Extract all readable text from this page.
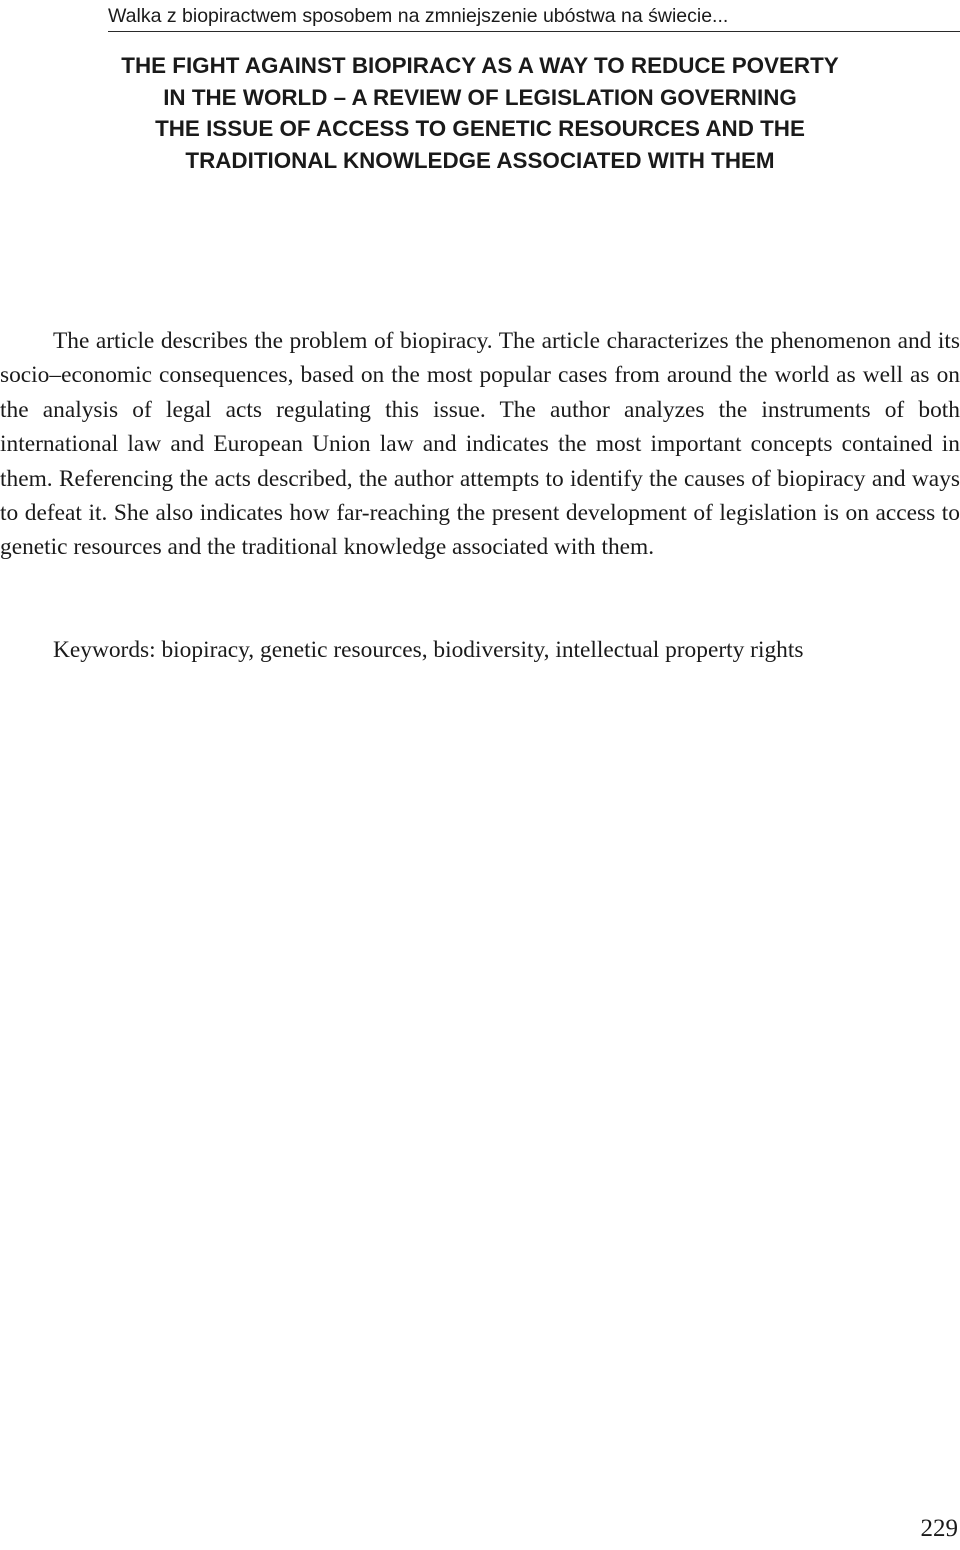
Walka z biopiractwem sposobem na zmniejszenie ubóstwa na świecie...
THE FIGHT AGAINST BIOPIRACY AS A WAY TO REDUCE POVERTY
IN THE WORLD – A REVIEW OF LEGISLATION GOVERNING
THE ISSUE OF ACCESS TO GENETIC RESOURCES AND THE
TRADITIONAL KNOWLEDGE ASSOCIATED WITH THEM

The article describes the problem of biopiracy. The article characterizes the phenomenon and its socio–economic consequences, based on the most popular cases from around the world as well as on the analysis of legal acts regulating this issue. The author analyzes the instruments of both international law and European Union law and indicates the most important concepts contained in them. Referencing the acts described, the author attempts to identify the causes of biopiracy and ways to defeat it. She also indicates how far-reaching the present development of legislation is on access to genetic resources and the traditional knowledge associated with them.

Keywords: biopiracy, genetic resources, biodiversity, intellectual property rights

229
